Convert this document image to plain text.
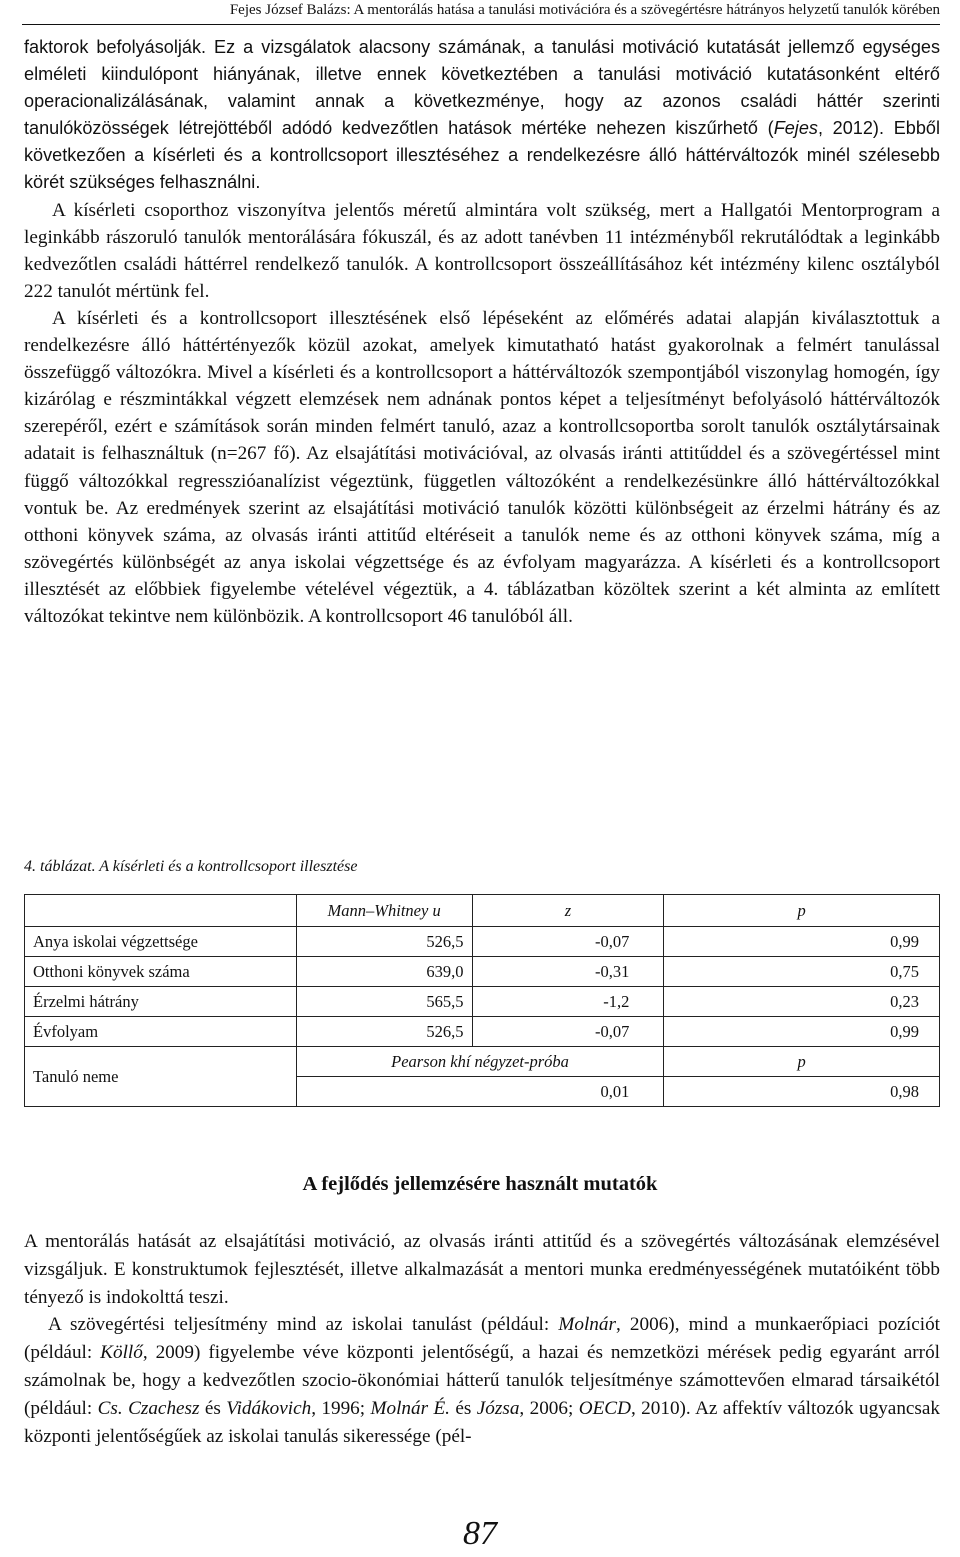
Fejes József Balázs: A mentorálás hatása a tanulási motivációra és a szövegértésre hátrányos helyzetű tanulók körében

faktorok befolyásolják. Ez a vizsgálatok alacsony számának, a tanulási motiváció kutatását jellemző egységes elméleti kiindulópont hiányának, illetve ennek következtében a tanulási motiváció kutatásonként eltérő operacionalizálásának, valamint annak a következménye, hogy az azonos családi háttér szerinti tanulóközösségek létrejöttéből adódó kedvezőtlen hatások mértéke nehezen kiszűrhető (Fejes, 2012). Ebből következően a kísérleti és a kontrollcsoport illesztéséhez a rendelkezésre álló háttérváltozók minél szélesebb körét szükséges felhasználni.

A kísérleti csoporthoz viszonyítva jelentős méretű almintára volt szükség, mert a Hallgatói Mentorprogram a leginkább rászoruló tanulók mentorálására fókuszál, és az adott tanévben 11 intézményből rekrutálódtak a leginkább kedvezőtlen családi háttérrel rendelkező tanulók. A kontrollcsoport összeállításához két intézmény kilenc osztályból 222 tanulót mértünk fel.

A kísérleti és a kontrollcsoport illesztésének első lépéseként az előmérés adatai alapján kiválasztottuk a rendelkezésre álló háttértényezők közül azokat, amelyek kimutatható hatást gyakorolnak a felmért tanulással összefüggő változókra. Mivel a kísérleti és a kontrollcsoport a háttérváltozók szempontjából viszonylag homogén, így kizárólag e részmintákkal végzett elemzések nem adnának pontos képet a teljesítményt befolyásoló háttérváltozók szerepéről, ezért e számítások során minden felmért tanuló, azaz a kontrollcsoportba sorolt tanulók osztálytársainak adatait is felhasználtuk (n=267 fő). Az elsajátítási motivációval, az olvasás iránti attitűddel és a szövegértéssel mint függő változókkal regresszióanalízist végeztünk, független változóként a rendelkezésünkre álló háttérváltozókkal vontuk be. Az eredmények szerint az elsajátítási motiváció tanulók közötti különbségeit az érzelmi hátrány és az otthoni könyvek száma, az olvasás iránti attitűd eltéréseit a tanulók neme és az otthoni könyvek száma, míg a szövegértés különbségét az anya iskolai végzettsége és az évfolyam magyarázza. A kísérleti és a kontrollcsoport illesztését az előbbiek figyelembe vételével végeztük, a 4. táblázatban közöltek szerint a két alminta az említett változókat tekintve nem különbözik. A kontrollcsoport 46 tanulóból áll.

4. táblázat. A kísérleti és a kontrollcsoport illesztése
	Mann–Whitney u	z	p
Anya iskolai végzettsége	526,5	-0,07	0,99
Otthoni könyvek száma	639,0	-0,31	0,75
Érzelmi hátrány	565,5	-1,2	0,23
Évfolyam	526,5	-0,07	0,99
Tanuló neme	Pearson khí négyzet-próba		p
	0,01		0,98
A fejlődés jellemzésére használt mutatók

A mentorálás hatását az elsajátítási motiváció, az olvasás iránti attitűd és a szövegértés változásának elemzésével vizsgáljuk. E konstruktumok fejlesztését, illetve alkalmazását a mentori munka eredményességének mutatóiként több tényező is indokolttá teszi.

A szövegértési teljesítmény mind az iskolai tanulást (például: Molnár, 2006), mind a munkaerőpiaci pozíciót (például: Köllő, 2009) figyelembe véve központi jelentőségű, a hazai és nemzetközi mérések pedig egyaránt arról számolnak be, hogy a kedvezőtlen szocio-ökonómiai hátterű tanulók teljesítménye számottevően elmarad társaikétól (például: Cs. Czachesz és Vidákovich, 1996; Molnár É. és Józsa, 2006; OECD, 2010). Az affektív változók ugyancsak központi jelentőségűek az iskolai tanulás sikeressége (pél-

87
